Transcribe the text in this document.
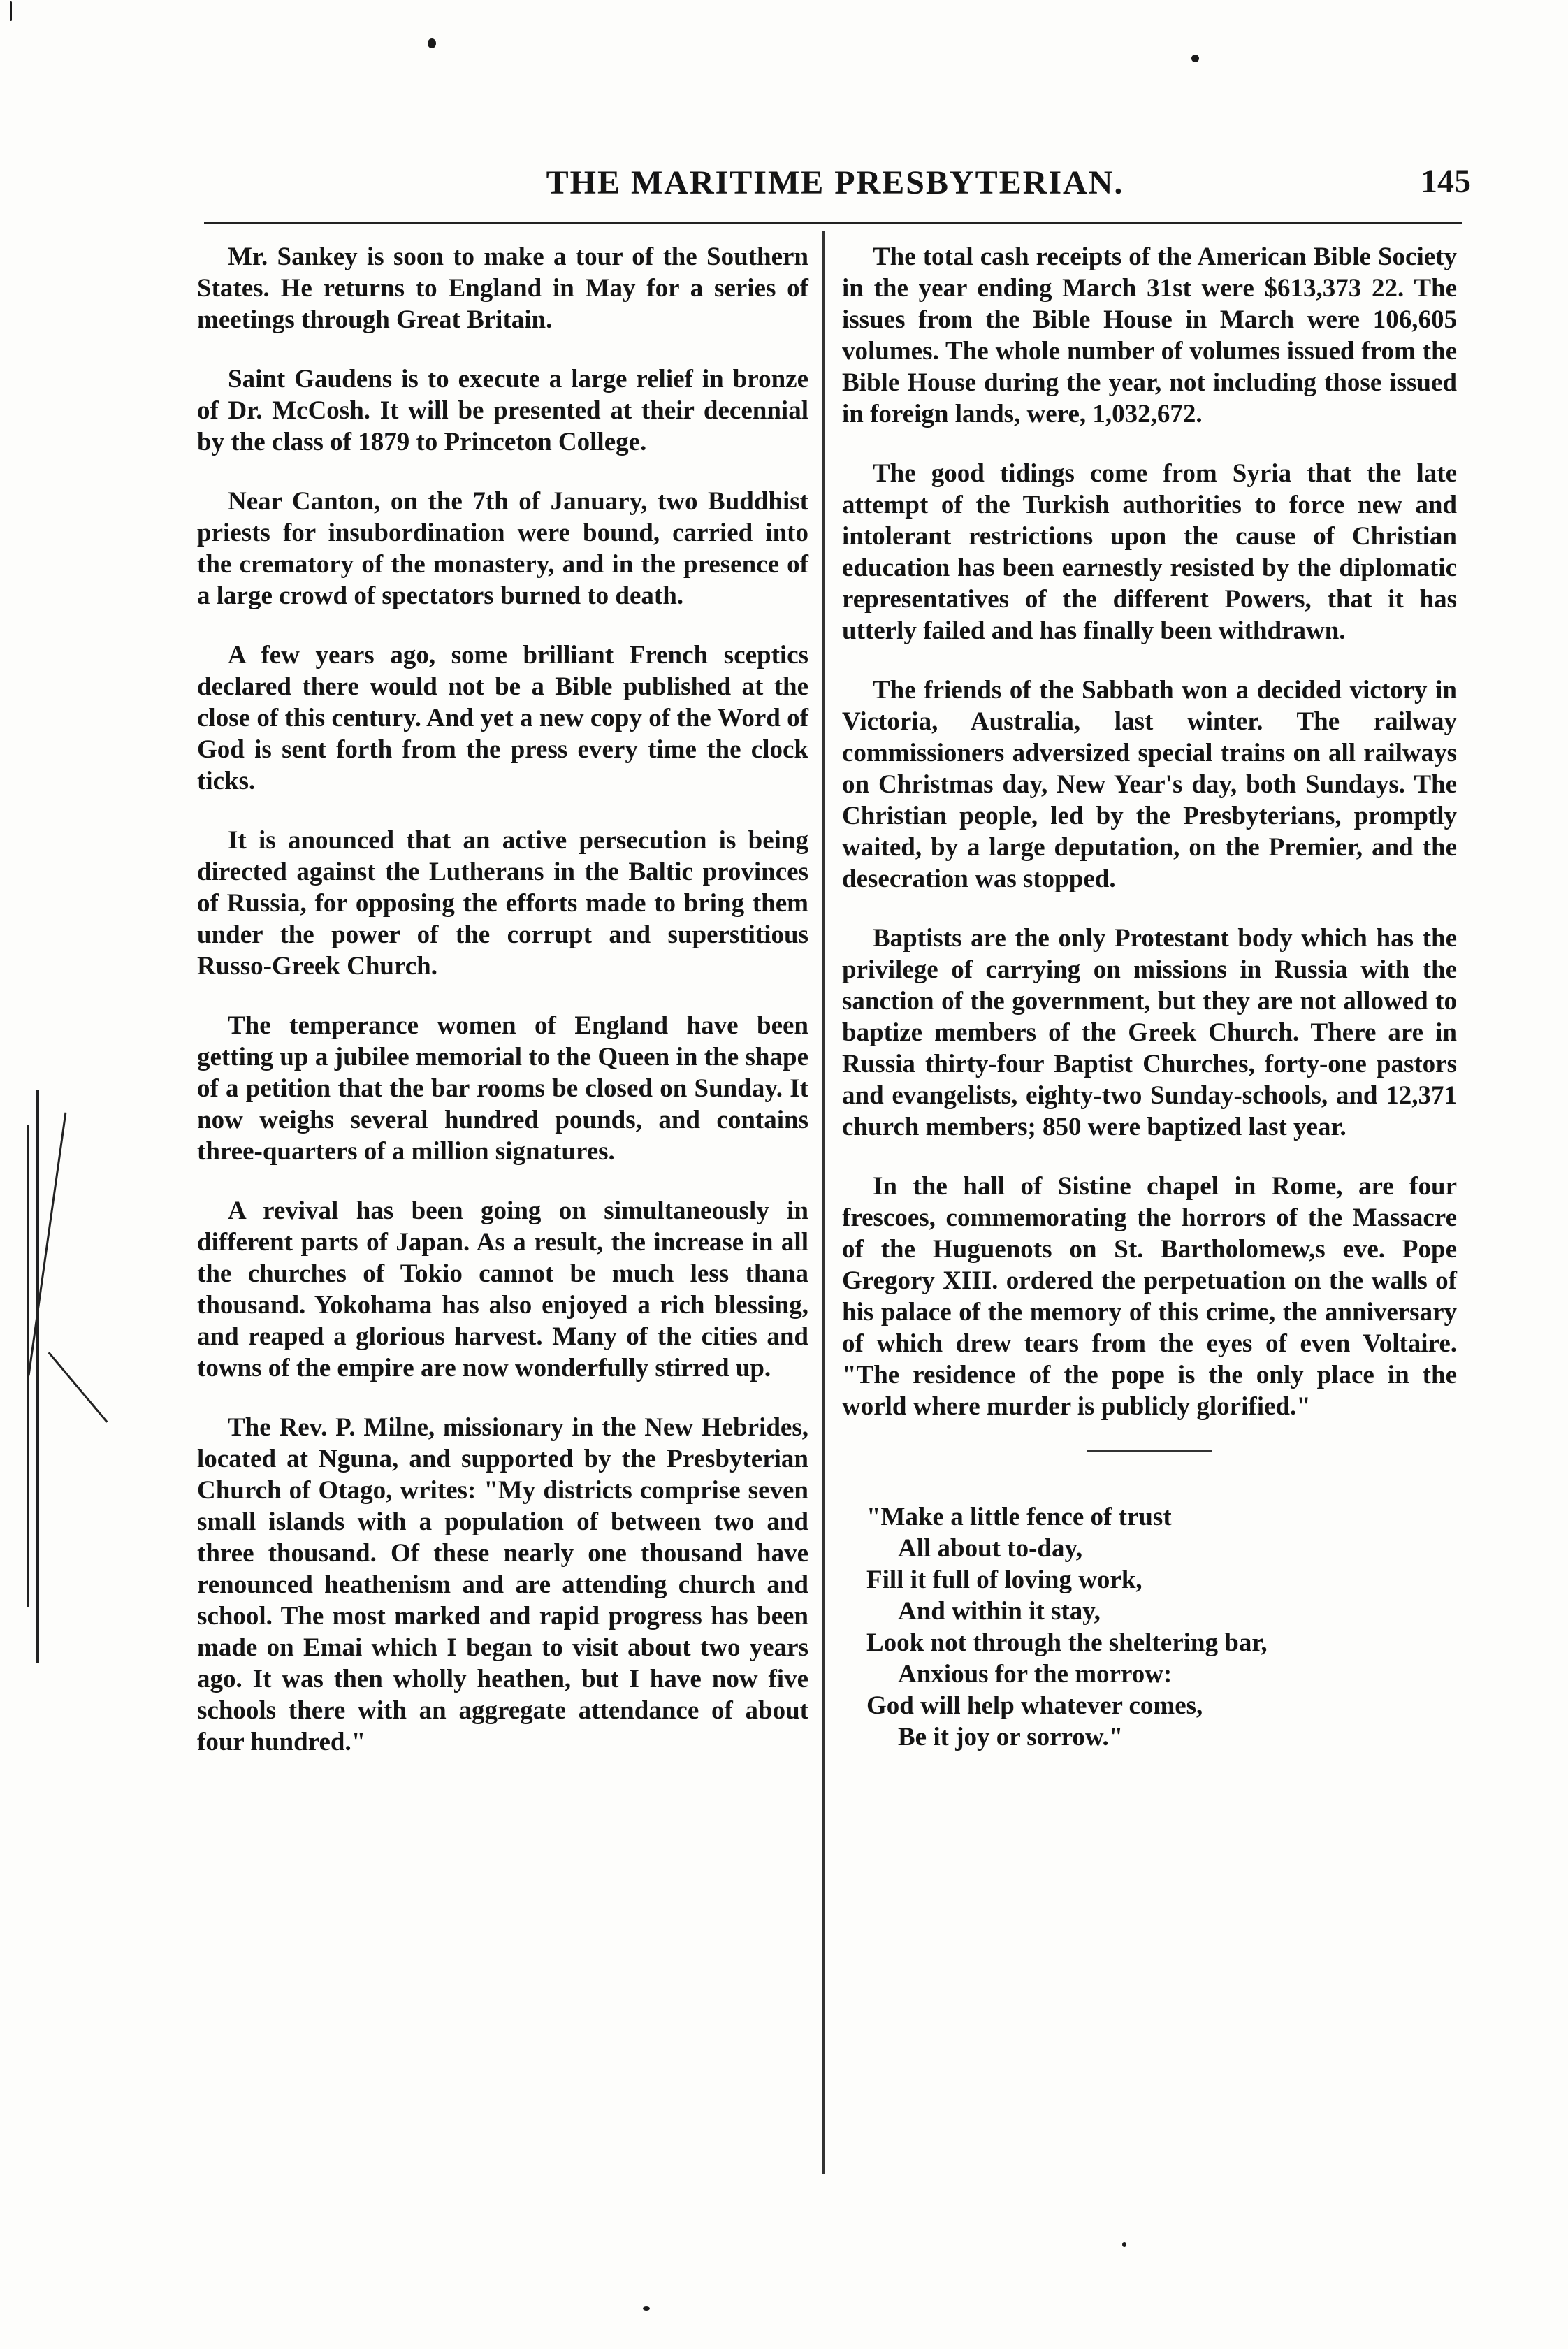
THE MARITIME PRESBYTERIAN.	145

Mr. Sankey is soon to make a tour of the Southern States. He returns to England in May for a series of meetings through Great Britain.

Saint Gaudens is to execute a large relief in bronze of Dr. McCosh. It will be presented at their decennial by the class of 1879 to Princeton College.

Near Canton, on the 7th of January, two Buddhist priests for insubordination were bound, carried into the crematory of the monastery, and in the presence of a large crowd of spectators burned to death.

A few years ago, some brilliant French sceptics declared there would not be a Bible published at the close of this century. And yet a new copy of the Word of God is sent forth from the press every time the clock ticks.

It is anounced that an active persecution is being directed against the Lutherans in the Baltic provinces of Russia, for opposing the efforts made to bring them under the power of the corrupt and superstitious Russo-Greek Church.

The temperance women of England have been getting up a jubilee memorial to the Queen in the shape of a petition that the bar rooms be closed on Sunday. It now weighs several hundred pounds, and contains three-quarters of a million signatures.

A revival has been going on simultaneously in different parts of Japan. As a result, the increase in all the churches of Tokio cannot be much less thana thousand. Yokohama has also enjoyed a rich blessing, and reaped a glorious harvest. Many of the cities and towns of the empire are now wonderfully stirred up.

The Rev. P. Milne, missionary in the New Hebrides, located at Nguna, and supported by the Presbyterian Church of Otago, writes: "My districts comprise seven small islands with a population of between two and three thousand. Of these nearly one thousand have renounced heathenism and are attending church and school. The most marked and rapid progress has been made on Emai which I began to visit about two years ago. It was then wholly heathen, but I have now five schools there with an aggregate attendance of about four hundred."

The total cash receipts of the American Bible Society in the year ending March 31st were $613,373 22. The issues from the Bible House in March were 106,605 volumes. The whole number of volumes issued from the Bible House during the year, not including those issued in foreign lands, were, 1,032,672.

The good tidings come from Syria that the late attempt of the Turkish authorities to force new and intolerant restrictions upon the cause of Christian education has been earnestly resisted by the diplomatic representatives of the different Powers, that it has utterly failed and has finally been withdrawn.

The friends of the Sabbath won a decided victory in Victoria, Australia, last winter. The railway commissioners adversized special trains on all railways on Christmas day, New Year's day, both Sundays. The Christian people, led by the Presbyterians, promptly waited, by a large deputation, on the Premier, and the desecration was stopped.

Baptists are the only Protestant body which has the privilege of carrying on missions in Russia with the sanction of the government, but they are not allowed to baptize members of the Greek Church. There are in Russia thirty-four Baptist Churches, forty-one pastors and evangelists, eighty-two Sunday-schools, and 12,371 church members; 850 were baptized last year.

In the hall of Sistine chapel in Rome, are four frescoes, commemorating the horrors of the Massacre of the Huguenots on St. Bartholomew,s eve. Pope Gregory XIII. ordered the perpetuation on the walls of his palace of the memory of this crime, the anniversary of which drew tears from the eyes of even Voltaire. "The residence of the pope is the only place in the world where murder is publicly glorified."

"Make a little fence of trust
All about to-day,
Fill it full of loving work,
And within it stay,
Look not through the sheltering bar,
Anxious for the morrow:
God will help whatever comes,
Be it joy or sorrow."
